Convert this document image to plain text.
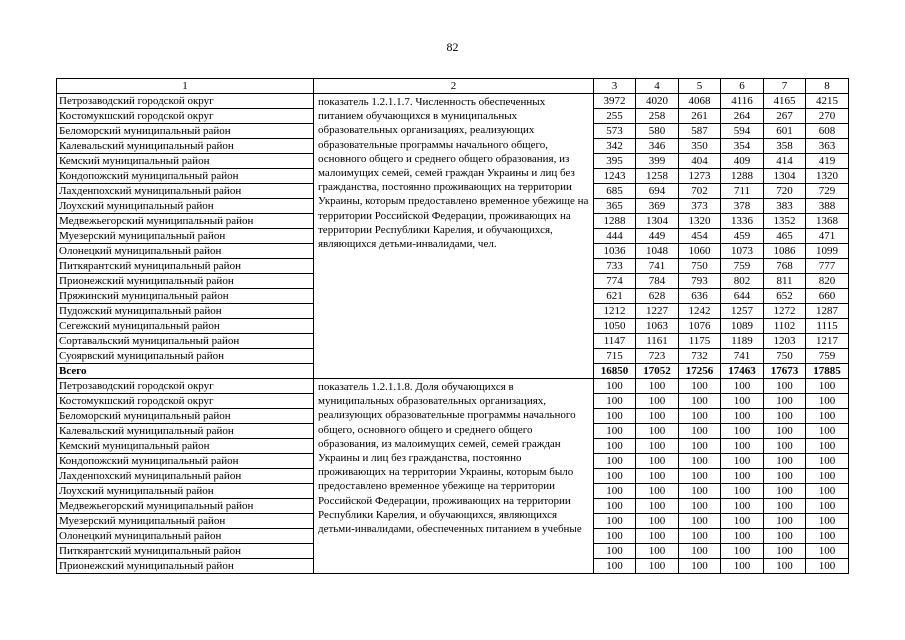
82
1	2	3	4	5	6	7	8
Петрозаводский городской округ	показатель 1.2.1.1.7. Численность обеспеченных питанием обучающихся в муниципальных образовательных организациях, реализующих образовательные программы начального общего, основного общего и среднего общего образования, из малоимущих семей, семей граждан Украины и лиц без гражданства, постоянно проживающих на территории Украины, которым предоставлено временное убежище на территории Российской Федерации, проживающих на территории Республики Карелия, и обучающихся, являющихся детьми-инвалидами, чел.	3972	4020	4068	4116	4165	4215
Костомукшский городской округ		255	258	261	264	267	270
Беломорский муниципальный район		573	580	587	594	601	608
Калевальский муниципальный район		342	346	350	354	358	363
Кемский муниципальный район		395	399	404	409	414	419
Кондопожский муниципальный район		1243	1258	1273	1288	1304	1320
Лахденпохский муниципальный район		685	694	702	711	720	729
Лоухский муниципальный район		365	369	373	378	383	388
Медвежьегорский муниципальный район		1288	1304	1320	1336	1352	1368
Муезерский муниципальный район		444	449	454	459	465	471
Олонецкий муниципальный район		1036	1048	1060	1073	1086	1099
Питкярантский муниципальный район		733	741	750	759	768	777
Прионежский муниципальный район		774	784	793	802	811	820
Пряжинский муниципальный район		621	628	636	644	652	660
Пудожский муниципальный район		1212	1227	1242	1257	1272	1287
Сегежский муниципальный район		1050	1063	1076	1089	1102	1115
Сортавальский муниципальный район		1147	1161	1175	1189	1203	1217
Суоярвский муниципальный район		715	723	732	741	750	759
Всего		16850	17052	17256	17463	17673	17885
Петрозаводский городской округ	показатель 1.2.1.1.8. Доля обучающихся в муниципальных образовательных организациях, реализующих образовательные программы начального общего, основного общего и среднего общего образования, из малоимущих семей, семей граждан Украины и лиц без гражданства, постоянно проживающих на территории Украины, которым было предоставлено временное убежище на территории Российской Федерации, проживающих на территории Республики Карелия, и обучающихся, являющихся детьми-инвалидами, обеспеченных питанием в учебные	100	100	100	100	100	100
Костомукшский городской округ		100	100	100	100	100	100
Беломорский муниципальный район		100	100	100	100	100	100
Калевальский муниципальный район		100	100	100	100	100	100
Кемский муниципальный район		100	100	100	100	100	100
Кондопожский муниципальный район		100	100	100	100	100	100
Лахденпохский муниципальный район		100	100	100	100	100	100
Лоухский муниципальный район		100	100	100	100	100	100
Медвежьегорский муниципальный район		100	100	100	100	100	100
Муезерский муниципальный район		100	100	100	100	100	100
Олонецкий муниципальный район		100	100	100	100	100	100
Питкярантский муниципальный район		100	100	100	100	100	100
Прионежский муниципальный район		100	100	100	100	100	100
